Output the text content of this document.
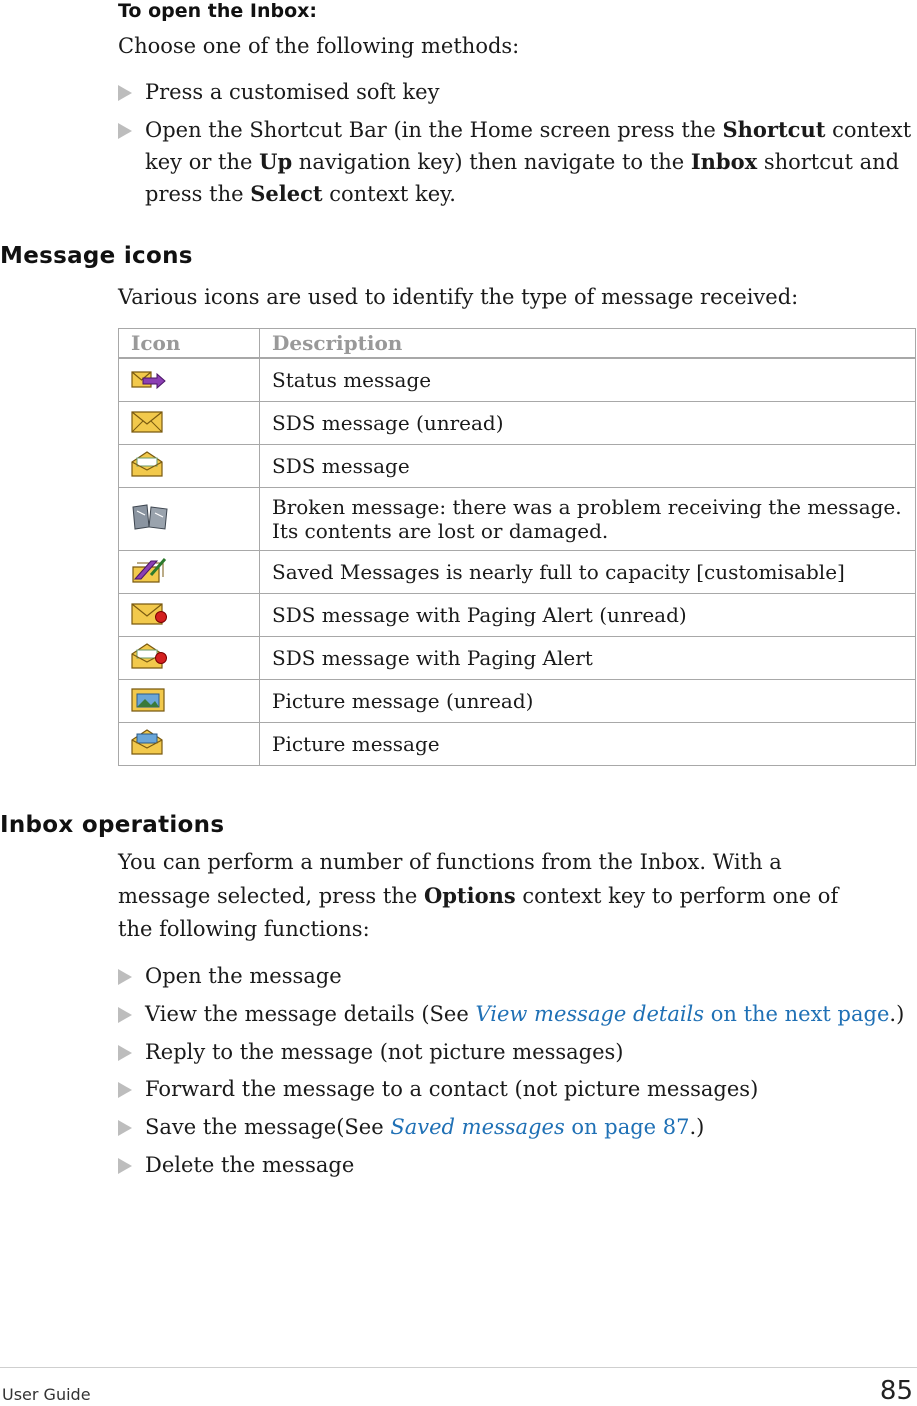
To open the Inbox:
Choose one of the following methods:
Press a customised soft key
Open the Shortcut Bar (in the Home screen press the Shortcut context key or the Up navigation key) then navigate to the Inbox shortcut and press the Select context key.
Message icons
Various icons are used to identify the type of message received:
Icon	Description
	Status message
	SDS message (unread)
	SDS message
	Broken message: there was a problem receiving the message. Its contents are lost or damaged.
	Saved Messages is nearly full to capacity [customisable]
	SDS message with Paging Alert (unread)
	SDS message with Paging Alert
	Picture message (unread)
	Picture message
Inbox operations
You can perform a number of functions from the Inbox. With a message selected, press the Options context key to perform one of the following functions:
Open the message
View the message details (See View message details on the next page.)
Reply to the message (not picture messages)
Forward the message to a contact (not picture messages)
Save the message(See Saved messages on page 87.)
Delete the message
User Guide	85
